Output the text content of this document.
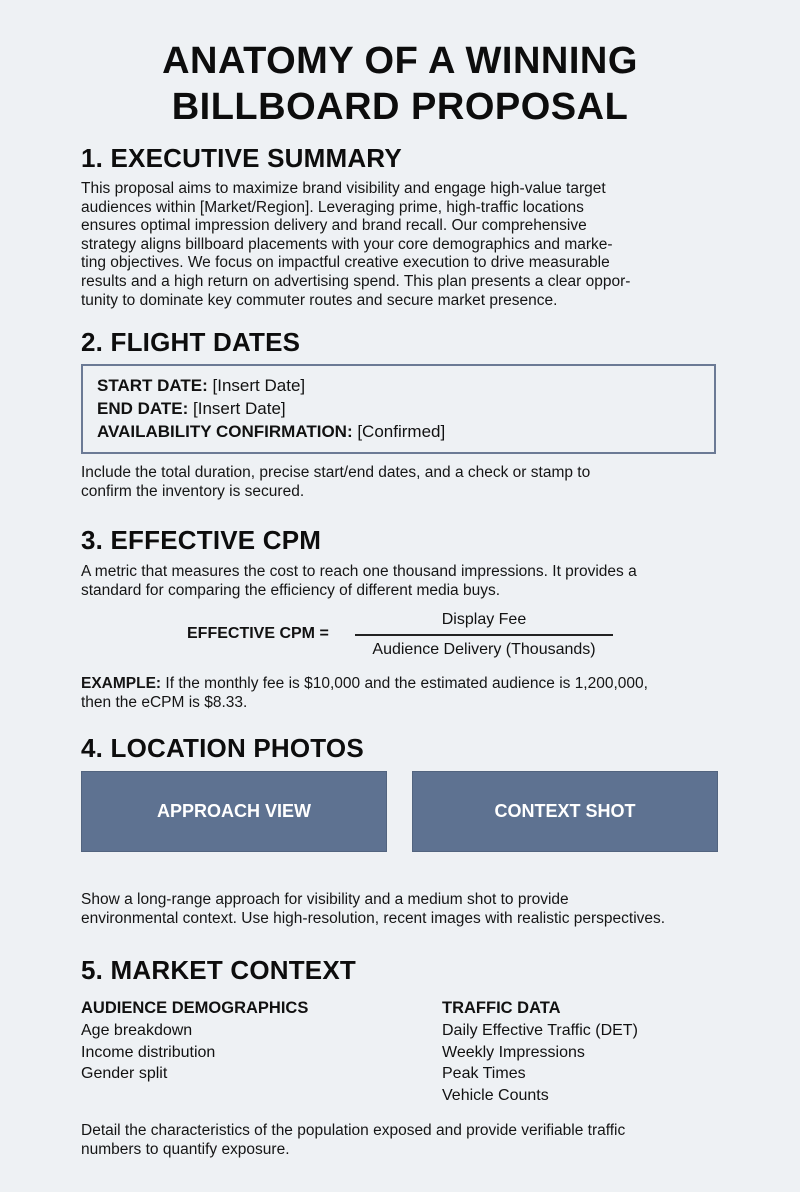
ANATOMY OF A WINNING
BILLBOARD PROPOSAL
1. EXECUTIVE SUMMARY
This proposal aims to maximize brand visibility and engage high-value target
audiences within [Market/Region]. Leveraging prime, high-traffic locations
ensures optimal impression delivery and brand recall. Our comprehensive
strategy aligns billboard placements with your core demographics and marke-
ting objectives. We focus on impactful creative execution to drive measurable
results and a high return on advertising spend. This plan presents a clear oppor-
tunity to dominate key commuter routes and secure market presence.
2. FLIGHT DATES
START DATE: [Insert Date]
END DATE: [Insert Date]
AVAILABILITY CONFIRMATION: [Confirmed]
Include the total duration, precise start/end dates, and a check or stamp to
confirm the inventory is secured.
3. EFFECTIVE CPM
A metric that measures the cost to reach one thousand impressions. It provides a
standard for comparing the efficiency of different media buys.
EFFECTIVE CPM =
Display Fee
Audience Delivery (Thousands)
EXAMPLE: If the monthly fee is $10,000 and the estimated audience is 1,200,000,
then the eCPM is $8.33.
4. LOCATION PHOTOS
APPROACH VIEW	CONTEXT SHOT
Show a long-range approach for visibility and a medium shot to provide
environmental context. Use high-resolution, recent images with realistic perspectives.
5. MARKET CONTEXT
AUDIENCE DEMOGRAPHICS
Age breakdown
Income distribution
Gender split
TRAFFIC DATA
Daily Effective Traffic (DET)
Weekly Impressions
Peak Times
Vehicle Counts
Detail the characteristics of the population exposed and provide verifiable traffic
numbers to quantify exposure.
